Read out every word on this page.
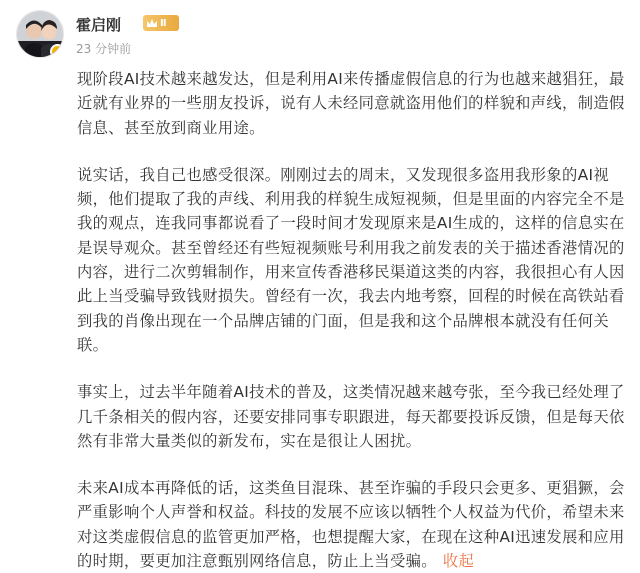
霍启刚	Ⅱ
23 分钟前

现阶段AI技术越来越发达，但是利用AI来传播虚假信息的行为也越来越猖狂，最近就有业界的一些朋友投诉，说有人未经同意就盗用他们的样貌和声线，制造假信息、甚至放到商业用途。

说实话，我自己也感受很深。刚刚过去的周末，又发现很多盗用我形象的AI视频，他们提取了我的声线、利用我的样貌生成短视频，但是里面的内容完全不是我的观点，连我同事都说看了一段时间才发现原来是AI生成的，这样的信息实在是误导观众。甚至曾经还有些短视频账号利用我之前发表的关于描述香港情况的内容，进行二次剪辑制作，用来宣传香港移民渠道这类的内容，我很担心有人因此上当受骗导致钱财损失。曾经有一次，我去内地考察，回程的时候在高铁站看到我的肖像出现在一个品牌店铺的门面，但是我和这个品牌根本就没有任何关联。

事实上，过去半年随着AI技术的普及，这类情况越来越夸张，至今我已经处理了几千条相关的假内容，还要安排同事专职跟进，每天都要投诉反馈，但是每天依然有非常大量类似的新发布，实在是很让人困扰。

未来AI成本再降低的话，这类鱼目混珠、甚至诈骗的手段只会更多、更猖獗，会严重影响个人声誉和权益。科技的发展不应该以牺牲个人权益为代价，希望未来对这类虚假信息的监管更加严格，也想提醒大家，在现在这种AI迅速发展和应用的时期，要更加注意甄别网络信息，防止上当受骗。 收起
